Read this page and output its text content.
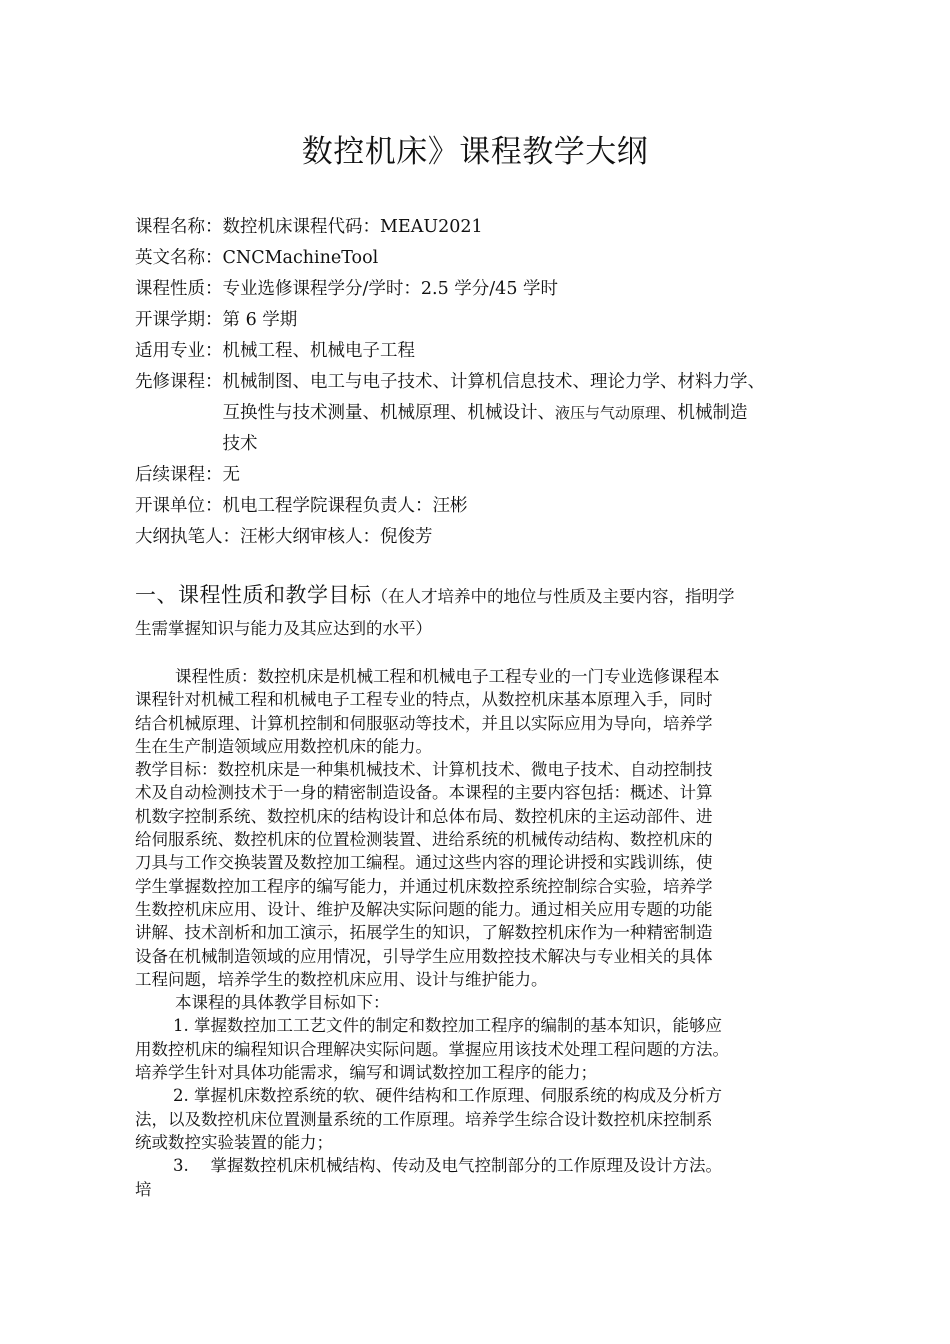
数控机床》课程教学大纲
课程名称： 数控机床课程代码：MEAU2021
英文名称： CNCMachineTool
课程性质： 专业选修课程学分/学时：2.5 学分/45 学时
开课学期： 第 6 学期
适用专业： 机械工程、机械电子工程
先修课程： 机械制图、电工与电子技术、计算机信息技术、理论力学、材料力学、
互换性与技术测量、机械原理、机械设计、液压与气动原理、机械制造
技术
后续课程： 无
开课单位： 机电工程学院课程负责人：汪彬
大纲执笔人： 汪彬大纲审核人：倪俊芳
一、课程性质和教学目标（在人才培养中的地位与性质及主要内容，指明学
生需掌握知识与能力及其应达到的水平）
课程性质：数控机床是机械工程和机械电子工程专业的一门专业选修课程本
课程针对机械工程和机械电子工程专业的特点，从数控机床基本原理入手，同时
结合机械原理、计算机控制和伺服驱动等技术，并且以实际应用为导向，培养学
生在生产制造领域应用数控机床的能力。
教学目标：数控机床是一种集机械技术、计算机技术、微电子技术、自动控制技
术及自动检测技术于一身的精密制造设备。本课程的主要内容包括：概述、计算
机数字控制系统、数控机床的结构设计和总体布局、数控机床的主运动部件、进
给伺服系统、数控机床的位置检测装置、进给系统的机械传动结构、数控机床的
刀具与工作交换装置及数控加工编程。通过这些内容的理论讲授和实践训练，使
学生掌握数控加工程序的编写能力，并通过机床数控系统控制综合实验，培养学
生数控机床应用、设计、维护及解决实际问题的能力。通过相关应用专题的功能
讲解、技术剖析和加工演示，拓展学生的知识，了解数控机床作为一种精密制造
设备在机械制造领域的应用情况，引导学生应用数控技术解决与专业相关的具体
工程问题，培养学生的数控机床应用、设计与维护能力。
本课程的具体教学目标如下：
1. 掌握数控加工工艺文件的制定和数控加工程序的编制的基本知识，能够应
用数控机床的编程知识合理解决实际问题。掌握应用该技术处理工程问题的方法。
培养学生针对具体功能需求，编写和调试数控加工程序的能力；
2. 掌握机床数控系统的软、硬件结构和工作原理、伺服系统的构成及分析方
法，以及数控机床位置测量系统的工作原理。培养学生综合设计数控机床控制系
统或数控实验装置的能力；
3.　 掌握数控机床机械结构、传动及电气控制部分的工作原理及设计方法。
培
